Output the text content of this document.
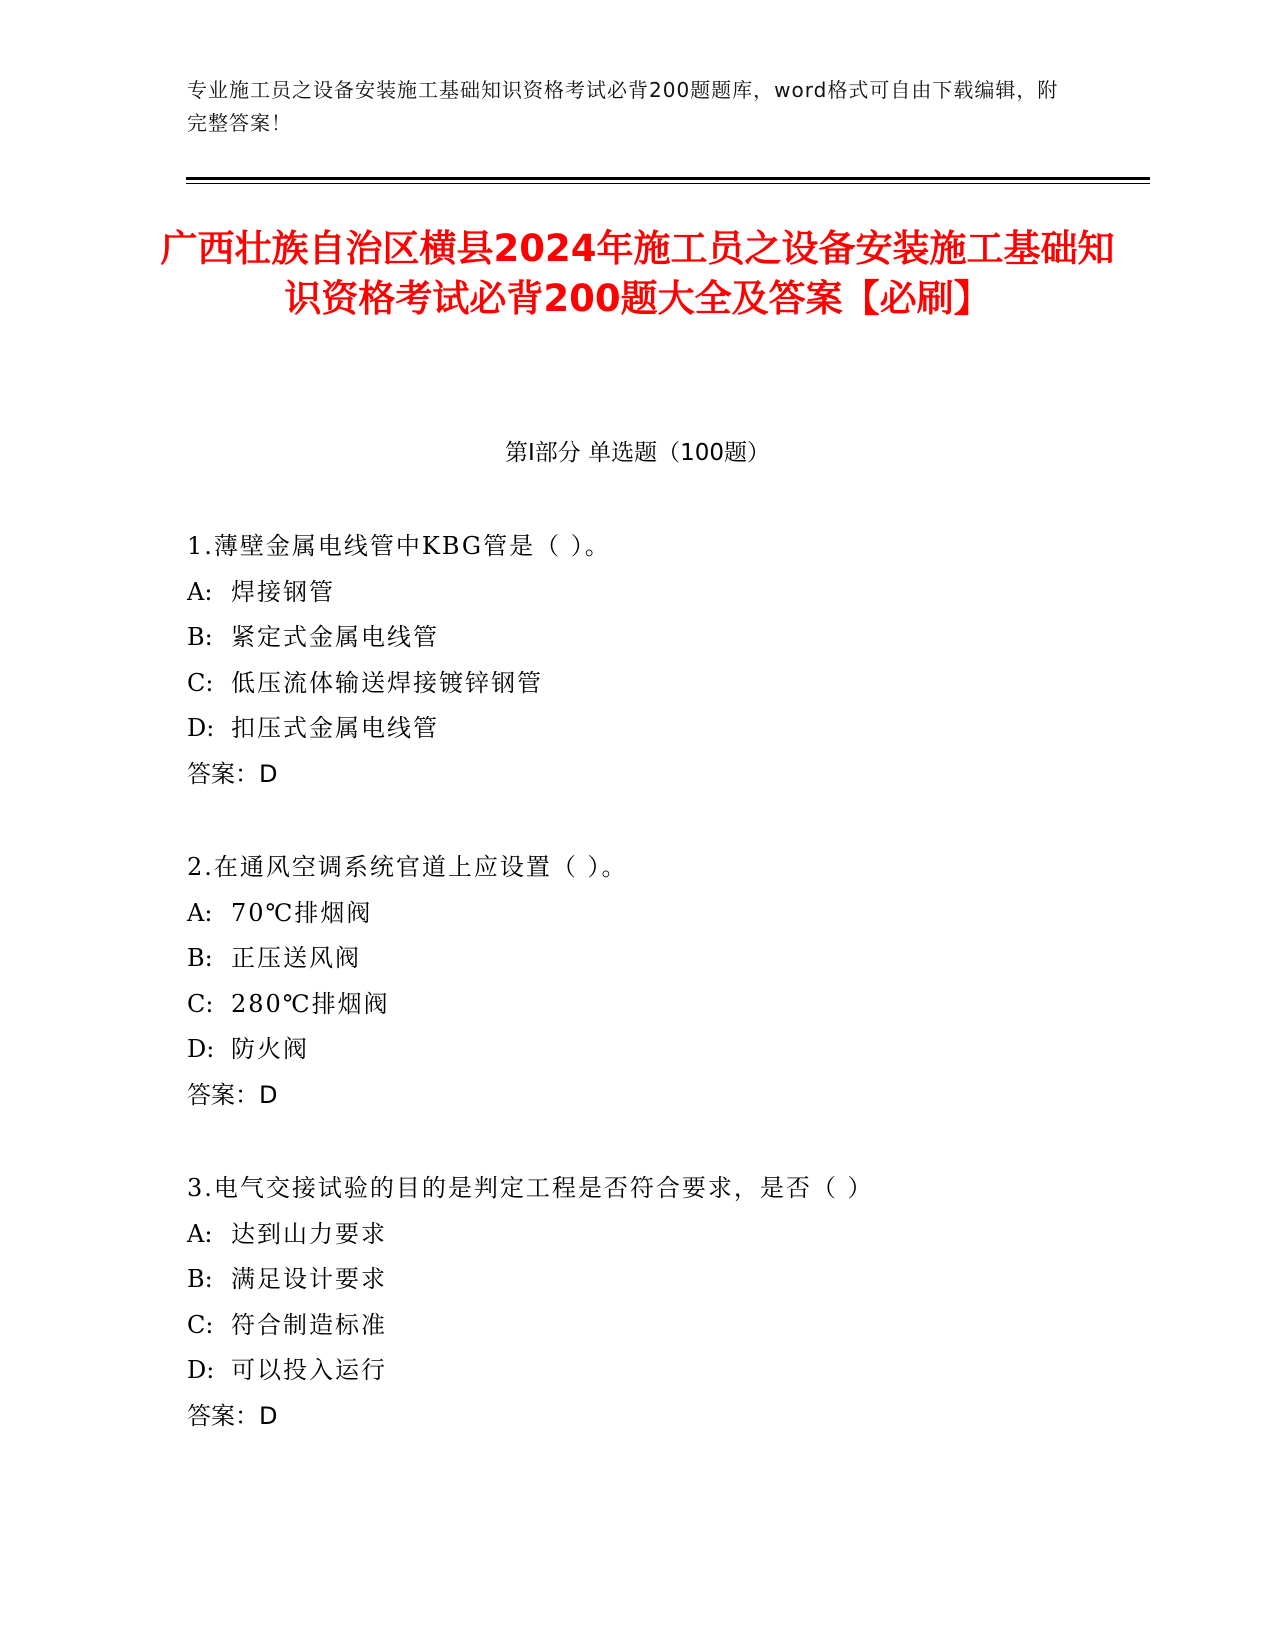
专业施工员之设备安装施工基础知识资格考试必背200题题库，word格式可自由下载编辑，附完整答案！
广西壮族自治区横县2024年施工员之设备安装施工基础知识资格考试必背200题大全及答案【必刷】
第Ⅰ部分 单选题（100题）
1.薄壁金属电线管中KBG管是（ ）。
A: 焊接钢管
B: 紧定式金属电线管
C: 低压流体输送焊接镀锌钢管
D: 扣压式金属电线管
答案：D
2.在通风空调系统官道上应设置（ ）。
A: 70℃排烟阀
B: 正压送风阀
C: 280℃排烟阀
D: 防火阀
答案：D
3.电气交接试验的目的是判定工程是否符合要求，是否（ ）
A: 达到山力要求
B: 满足设计要求
C: 符合制造标准
D: 可以投入运行
答案：D
